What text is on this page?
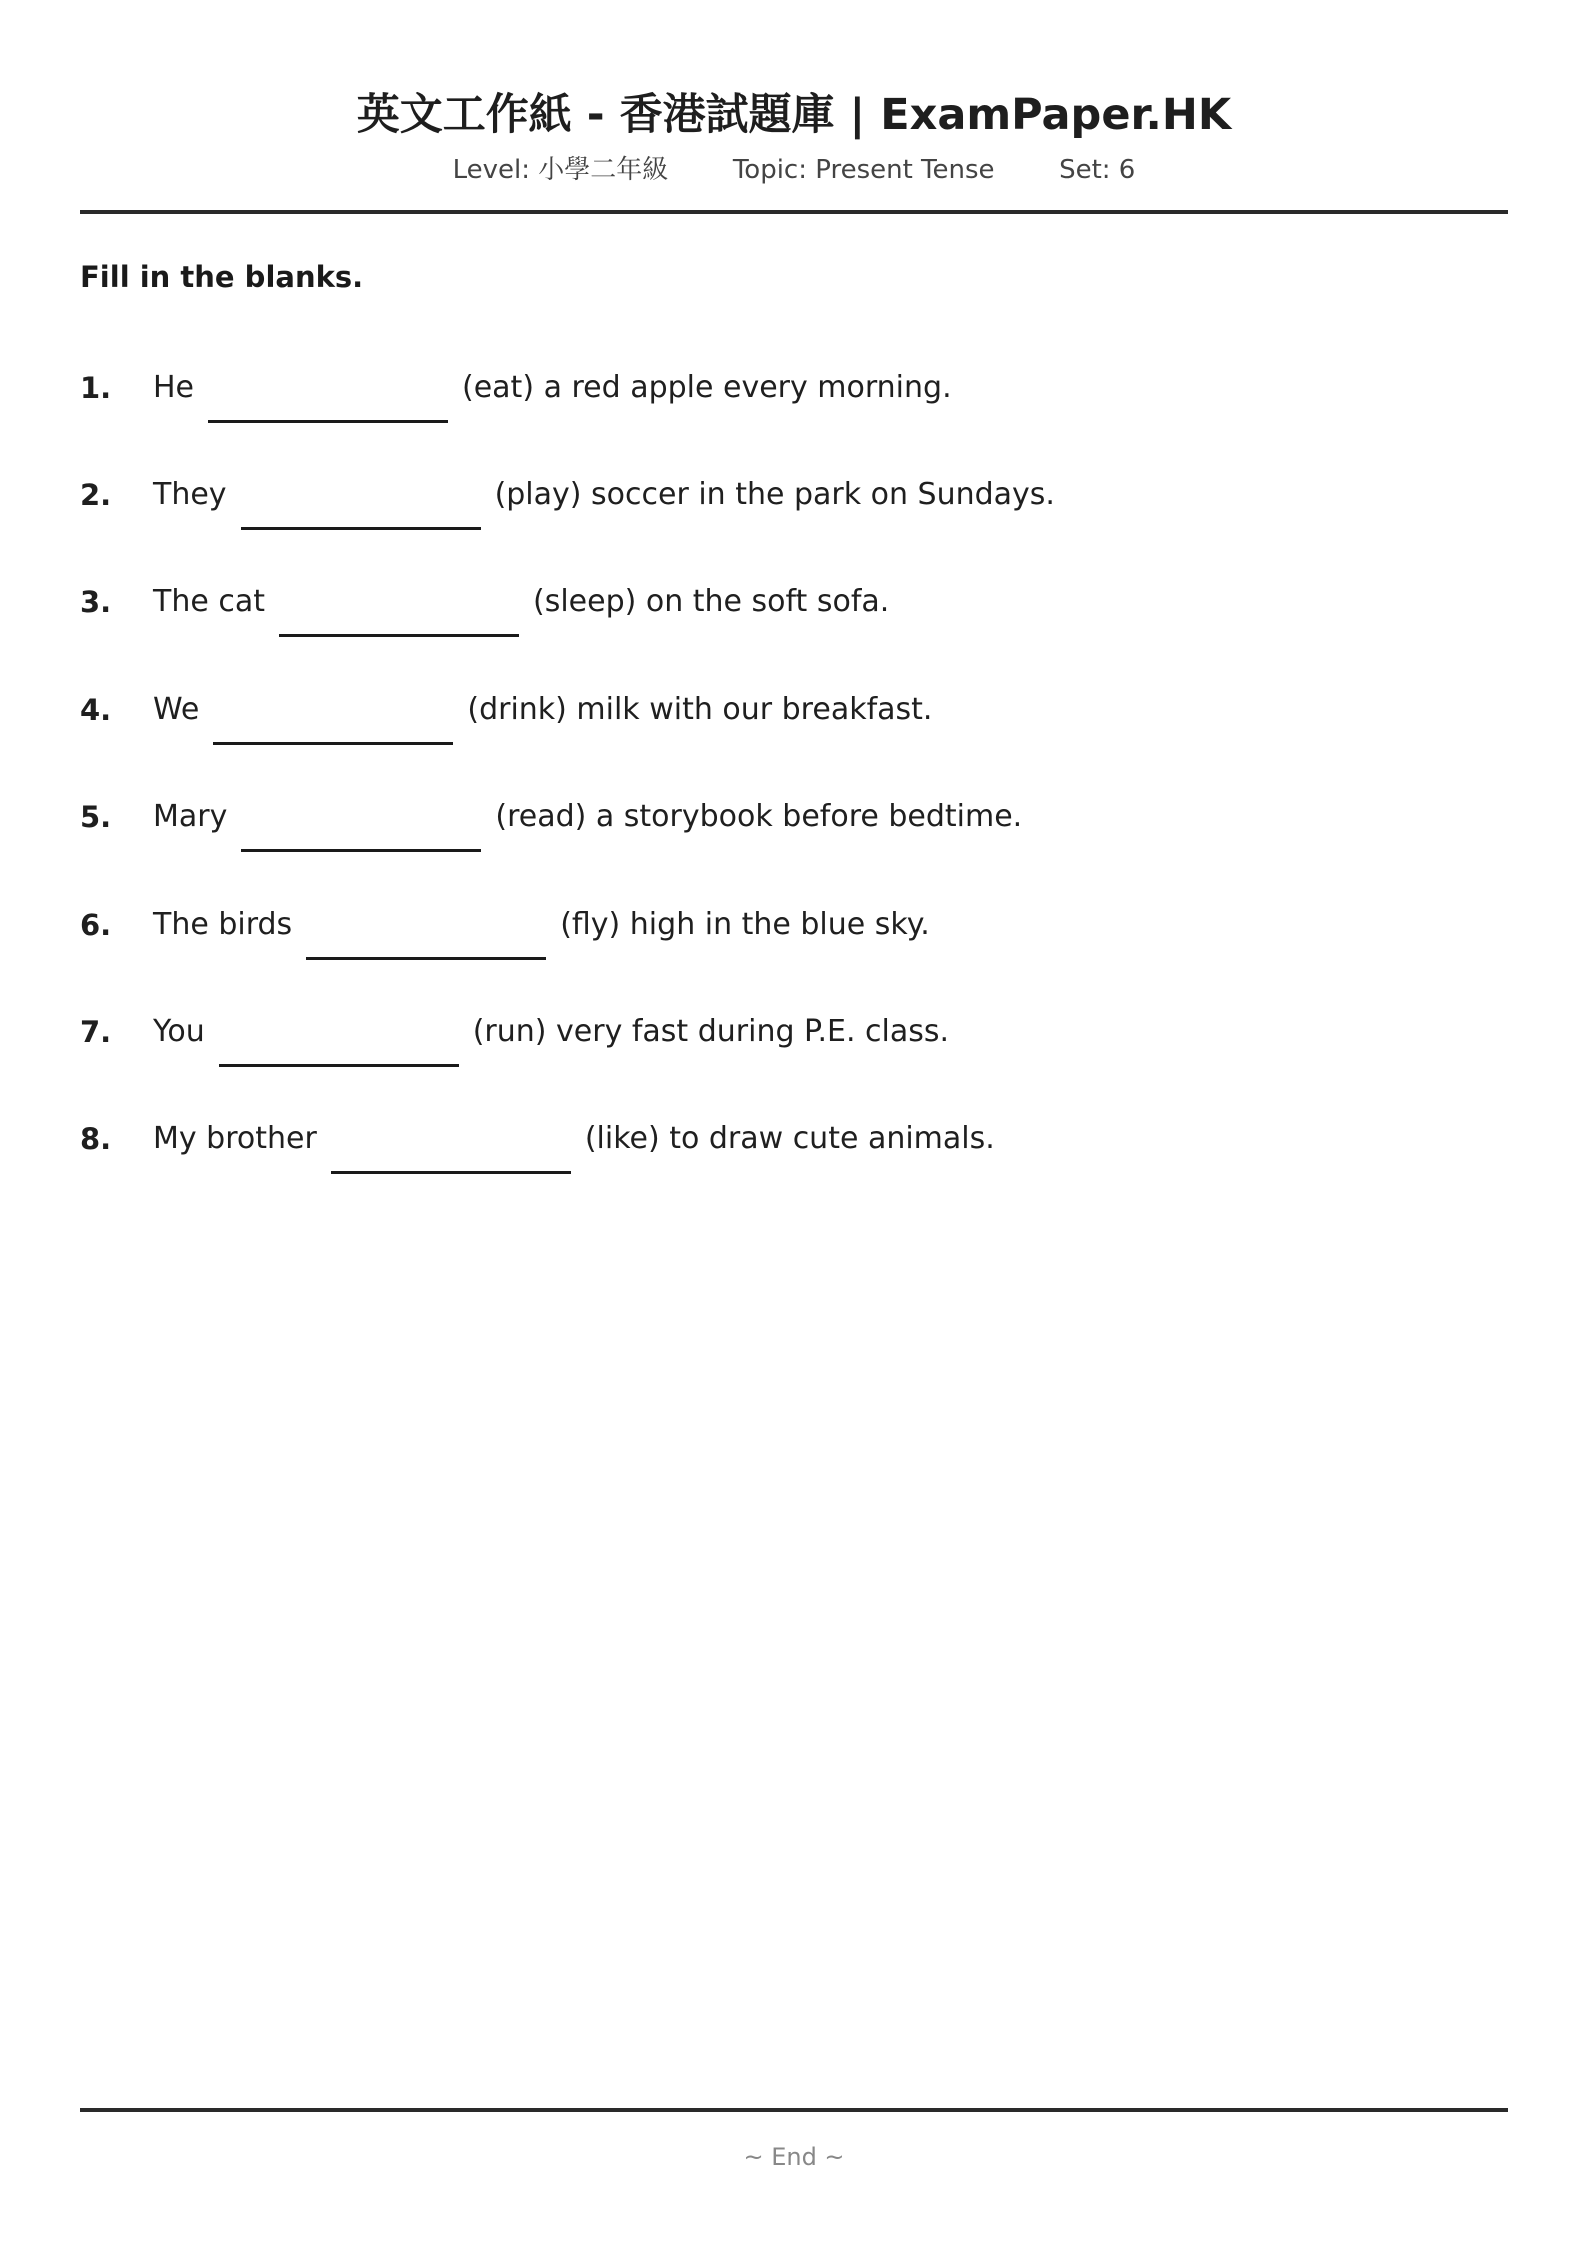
英文工作紙 - 香港試題庫 | ExamPaper.HK
Level: 小學二年級 Topic: Present Tense Set: 6
Fill in the blanks.
1. He	(eat) a red apple every morning.
2. They	(play) soccer in the park on Sundays.
3. The cat	(sleep) on the soft sofa.
4. We	(drink) milk with our breakfast.
5. Mary	(read) a storybook before bedtime.
6. The birds	(fly) high in the blue sky.
7. You	(run) very fast during P.E. class.
8. My brother	(like) to draw cute animals.
~ End ~
